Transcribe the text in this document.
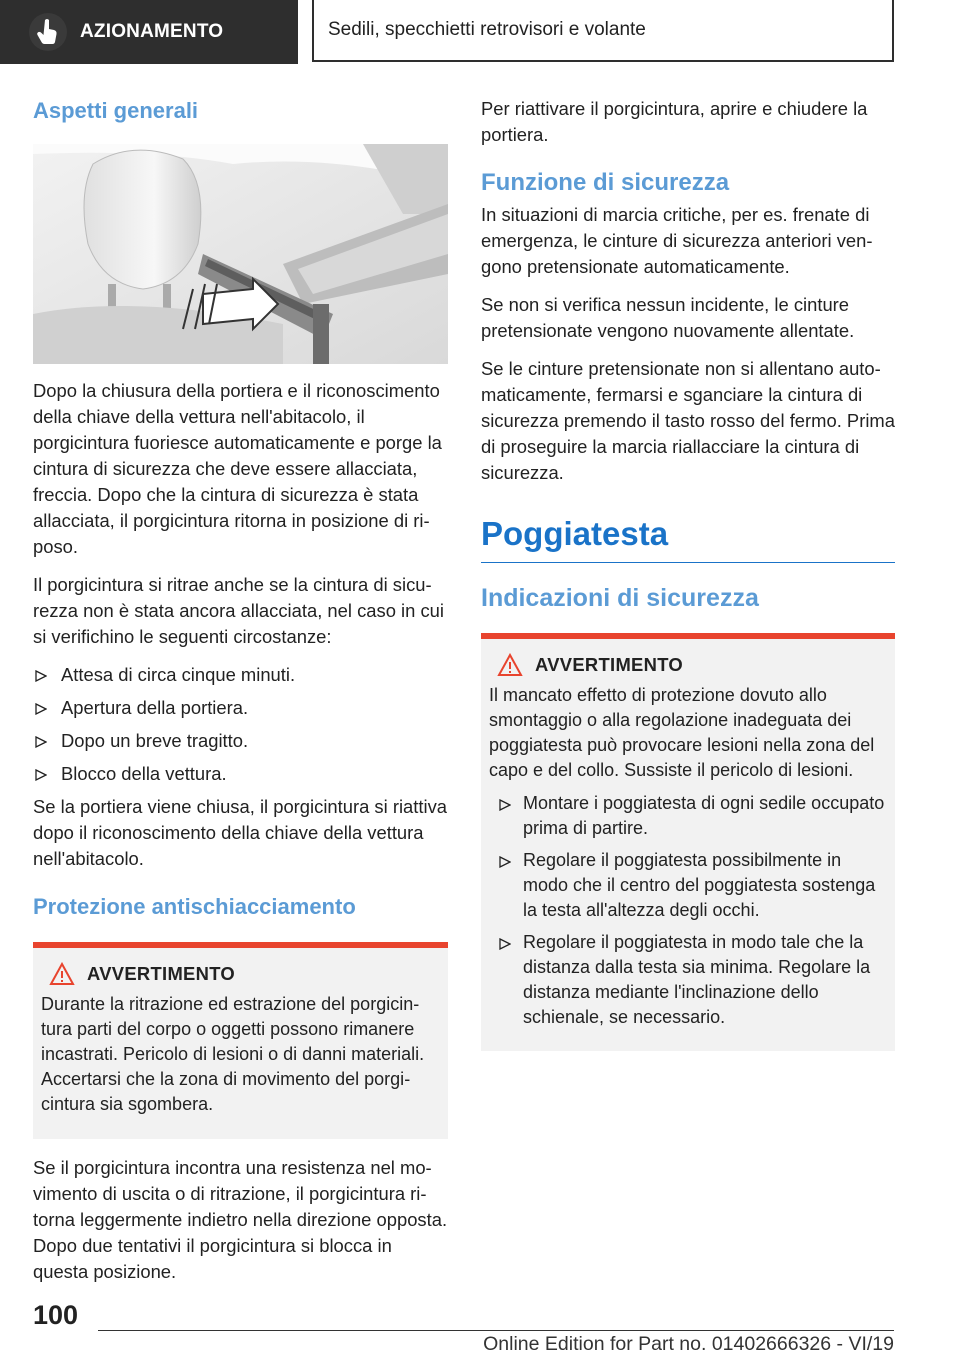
AZIONAMENTO	Sedili, specchietti retrovisori e volante
Aspetti generali

Dopo la chiusura della portiera e il riconoscimento della chiave della vettura nell'abitacolo, il porgicintura fuoriesce automaticamente e porge la cintura di sicurezza che deve essere allacciata, freccia. Dopo che la cintura di sicurezza è stata allacciata, il porgicintura ritorna in posizione di riposo.

Il porgicintura si ritrae anche se la cintura di sicurezza non è stata ancora allacciata, nel caso in cui si verifichino le seguenti circostanze:

Attesa di circa cinque minuti.
Apertura della portiera.
Dopo un breve tragitto.
Blocco della vettura.

Se la portiera viene chiusa, il porgicintura si riattiva dopo il riconoscimento della chiave della vettura nell'abitacolo.

Protezione antischiacciamento
AVVERTIMENTO

Durante la ritrazione ed estrazione del porgicintura parti del corpo o oggetti possono rimanere incastrati. Pericolo di lesioni o di danni materiali. Accertarsi che la zona di movimento del porgicintura sia sgombera.

Se il porgicintura incontra una resistenza nel movimento di uscita o di ritrazione, il porgicintura ritorna leggermente indietro nella direzione opposta. Dopo due tentativi il porgicintura si blocca in questa posizione.

Per riattivare il porgicintura, aprire e chiudere la portiera.

Funzione di sicurezza

In situazioni di marcia critiche, per es. frenate di emergenza, le cinture di sicurezza anteriori vengono pretensionate automaticamente.

Se non si verifica nessun incidente, le cinture pretensionate vengono nuovamente allentate.

Se le cinture pretensionate non si allentano automaticamente, fermarsi e sganciare la cintura di sicurezza premendo il tasto rosso del fermo. Prima di proseguire la marcia riallacciare la cintura di sicurezza.

Poggiatesta
Indicazioni di sicurezza
AVVERTIMENTO

Il mancato effetto di protezione dovuto allo smontaggio o alla regolazione inadeguata dei poggiatesta può provocare lesioni nella zona del capo e del collo. Sussiste il pericolo di lesioni.

Montare i poggiatesta di ogni sedile occupato prima di partire.
Regolare il poggiatesta possibilmente in modo che il centro del poggiatesta sostenga la testa all'altezza degli occhi.
Regolare il poggiatesta in modo tale che la distanza dalla testa sia minima. Regolare la distanza mediante l'inclinazione dello schienale, se necessario.
100
Online Edition for Part no. 01402666326 - VI/19
